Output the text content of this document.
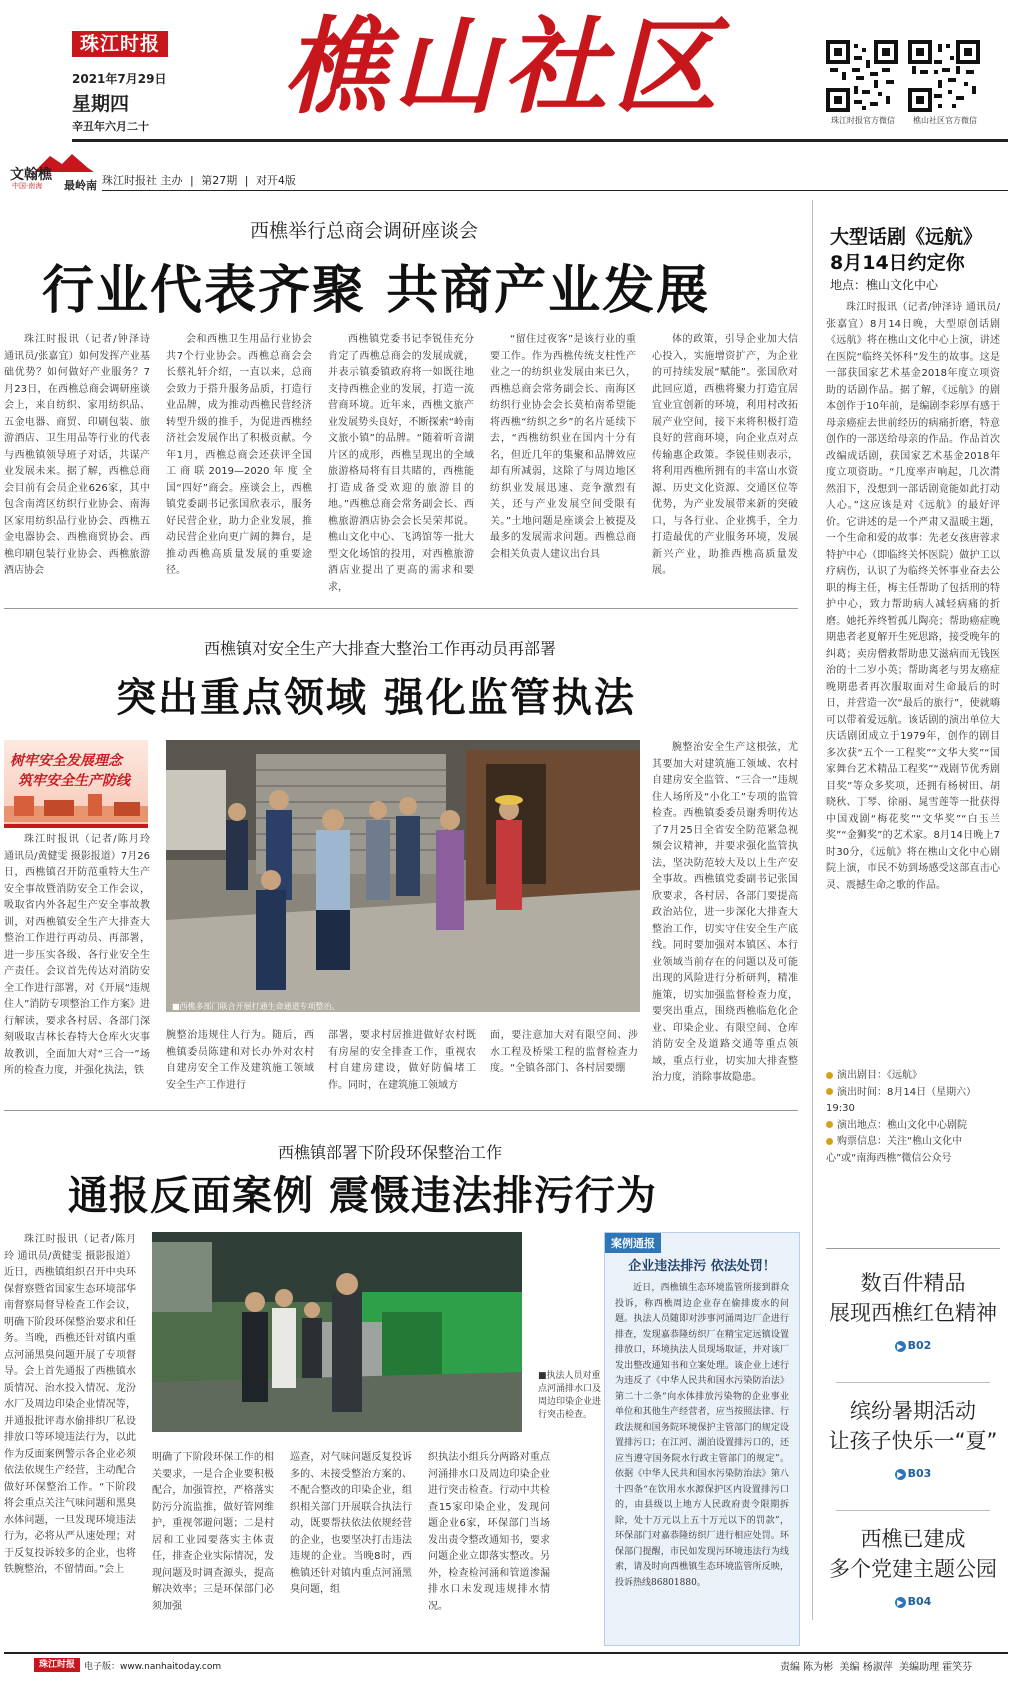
珠江时报
2021年7月29日
星期四
辛丑年六月二十 樵山社区	珠江时报官方微信	樵山社区官方微信
文翰樵
中国·南海 最岭南 珠江时报社 主办 | 第27期 | 对开4版
西樵举行总商会调研座谈会
行业代表齐聚 共商产业发展

珠江时报讯（记者/钟泽诗 通讯员/张嘉宜）如何发挥产业基础优势？如何做好产业服务？7月23日，在西樵总商会调研座谈会上，来自纺织、家用纺织品、五金电器、商贸、印刷包装、旅游酒店、卫生用品等行业的代表与西樵镇领导班子对话，共谋产业发展未来。据了解，西樵总商会目前有会员企业626家，其中包含南湾区纺织行业协会、南海区家用纺织品行业协会、西樵五金电器协会、西樵商贸协会、西樵印刷包装行业协会、西樵旅游酒店协会

会和西樵卫生用品行业协会共7个行业协会。西樵总商会会长蔡礼轩介绍，一直以来，总商会致力于搭升服务品质，打造行业品牌，成为推动西樵民营经济转型升级的推手，为促进西樵经济社会发展作出了积极贡献。今年1月，西樵总商会还获评全国工商联2019—2020年度全国“四好”商会。座谈会上，西樵镇党委副书记张国欣表示，服务好民营企业，助力企业发展，推动民营企业向更广阔的舞台，是推动西樵高质量发展的重要途径。

西樵镇党委书记李锐佳充分肯定了西樵总商会的发展成就，并表示镇委镇政府将一如既往地支持西樵企业的发展，打造一流营商环境。近年来，西樵文旅产业发展势头良好，不断探索“岭南文旅小镇”的品牌。“随着听音湖片区的成形，西樵呈现出的全域旅游格局将有目共睹的，西樵能打造成备受欢迎的旅游目的地。”西樵总商会常务副会长、西樵旅游酒店协会会长吴荣邦说。樵山文化中心、飞鸿馆等一批大型文化场馆的投用，对西樵旅游酒店业提出了更高的需求和要求，

“留住过夜客”是该行业的重要工作。作为西樵传统支柱性产业之一的纺织业发展由来已久，西樵总商会常务副会长、南海区纺织行业协会会长莫柏南希望能将西樵“纺织之乡”的名片延续下去，“西樵纺织业在国内十分有名，但近几年的集聚和品牌效应却有所减弱，这除了与周边地区纺织业发展迅速、竞争激烈有关，还与产业发展空间受限有关。”土地问题是座谈会上被提及最多的发展需求问题。西樵总商会相关负责人建议出台具

体的政策，引导企业加大信心投入，实施增资扩产，为企业的可持续发展“赋能”。张国欣对此回应道，西樵将聚力打造宜居宜业宜创新的环境，利用村改拓展产业空间，接下来将积极打造良好的营商环境，向企业点对点传输惠企政策。李锐佳则表示，将利用西樵所拥有的丰富山水资源、历史文化资源、交通区位等优势，为产业发展带来新的突破口，与各行业、企业携手，全力打造最优的产业服务环境，发展新兴产业，助推西樵高质量发展。

西樵镇对安全生产大排查大整治工作再动员再部署
突出重点领域 强化监管执法
树牢安全发展理念
筑牢安全生产防线

珠江时报讯（记者/陈月玲 通讯员/黄健雯 摄影报道）7月26日，西樵镇召开防范重特大生产安全事故暨消防安全工作会议，吸取省内外各起生产安全事故教训，对西樵镇安全生产大排查大整治工作进行再动员、再部署，进一步压实各级、各行业安全生产责任。会议首先传达对消防安全工作进行部署，对《开展“违规住人”消防专项整治工作方案》进行解读，要求各村居、各部门深刻吸取吉林长春特大仓库火灾事故教训，全面加大对“三合一”场所的检查力度，并强化执法，铁

■西樵多部门联合开展打通生命通道专项整治。

腕整治安全生产这根弦，尤其要加大对建筑施工领域、农村自建房安全监管、“三合一”违规住人场所及“小化工”专项的监管检查。西樵镇委委员谢秀明传达了7月25日全省安全防范紧急视频会议精神，并要求强化监管执法，坚决防范较大及以上生产安全事故。西樵镇党委副书记张国欣要求，各村居、各部门要提高政治站位，进一步深化大排查大整治工作，切实守住安全生产底线。同时要加强对本镇区、本行业领域当前存在的问题以及可能出现的风险进行分析研判，精准施策，切实加强监督检查力度，要突出重点，围绕西樵临危化企业、印染企业、有限空间、仓库消防安全及道路交通等重点领域，重点行业，切实加大排查整治力度，消除事故隐患。

腕整治违规住人行为。随后，西樵镇委员陈建和对长办外对农村自建房安全工作及建筑施工领域安全生产工作进行

部署，要求村居推进做好农村既有房屋的安全排查工作，重视农村自建房建设，做好防偏堵工作。同时，在建筑施工领域方

面，要注意加大对有限空间、涉水工程及桥梁工程的监督检查力度。“全镇各部门、各村居要绷

西樵镇部署下阶段环保整治工作
通报反面案例 震慑违法排污行为

珠江时报讯（记者/陈月玲 通讯员/黄健雯 摄影报道）近日，西樵镇组织召开中央环保督察暨省国家生态环境部华南督察局督导检查工作会议，明确下阶段环保整治要求和任务。当晚，西樵还针对镇内重点河涌黑臭问题开展了专项督导。会上首先通报了西樵镇水质情况、治水投入情况、龙汾水厂及周边印染企业情况等，并通报批评毒水偷排织厂私设排放口等环境违法行为，以此作为反面案例警示各企业必须依法依规生产经营，主动配合做好环保整治工作。“下阶段将会重点关注气味问题和黑臭水体问题，一旦发现环境违法行为，必将从严从速处理；对于反复投诉较多的企业，也将铁腕整治，不留情面。”会上

■执法人员对重点河涌排水口及周边印染企业进行突击检查。

明确了下阶段环保工作的相关要求，一是合企业要积极配合，加强管控，严格落实防污分流监推，做好管网维护，重视邻避问题；二是村居和工业园要落实主体责任，排查企业实际情况，发现问题及时调查源头，提高解决效率；三是环保部门必须加强

巡查，对气味问题反复投诉多的、未接受整治方案的、不配合整改的印染企业，组织相关部门开展联合执法行动，既要帮扶依法依规经营的企业，也要坚决打击违法违规的企业。当晚8时，西樵镇还针对镇内重点河涌黑臭问题，组

织执法小组兵分两路对重点河涌排水口及周边印染企业进行突击检查。行动中共检查15家印染企业，发现问题企业6家，环保部门当场发出责令整改通知书，要求问题企业立即落实整改。另外，检查检河涌和管道渗漏排水口未发现违规排水情况。

案例通报
企业违法排污 依法处罚！

近日，西樵镇生态环境监管所接到群众投诉，称西樵周边企业存在偷排废水的问题。执法人员随即对涉事河涌周边厂企进行排查，发现嘉恭隆纺织厂在精宝定远镇设置排放口，环境执法人员现场取证，并对该厂发出整改通知书和立案处理。该企业上述行为违反了《中华人民共和国水污染防治法》第二十二条“向水体排放污染物的企业事业单位和其他生产经营者，应当按照法律、行政法规和国务院环境保护主管部门的规定设置排污口；在江河、湖泊设置排污口的，还应当遵守国务院水行政主管部门的规定”。依据《中华人民共和国水污染防治法》第八十四条“在饮用水水源保护区内设置排污口的，由县级以上地方人民政府责令限期拆除，处十万元以上五十万元以下的罚款”，环保部门对嘉恭隆纺织厂进行相应处罚。环保部门提醒，市民如发现污环境违法行为线索，请及时向西樵镇生态环境监管所反映，投诉热线86801880。

大型话剧《远航》
8月14日约定你
地点：樵山文化中心

珠江时报讯（记者/钟泽诗 通讯员/张嘉宜）8月14日晚，大型原创话剧《远航》将在樵山文化中心上演，讲述在医院“临终关怀科”发生的故事。这是一部获国家艺术基金2018年度立项资助的话剧作品。据了解，《远航》的剧本创作于10年前，是编剧李彩厚有感于母亲癌症去世前经历的病痛折磨，特意创作的一部送给母亲的作品。作品首次改编成话剧，获国家艺术基金2018年度立项资助。“几度率声响起，几次潸然泪下，没想到一部话剧竟能如此打动人心。”这应该是对《远航》的最好评价。它讲述的是一个严肃又温暖主题，一个生命和爱的故事：先老女孩唐蓉求特护中心（即临终关怀医院）做护工以疗病伤，认识了为临终关怀事业奋去公职的梅主任，梅主任帮助了包括刑的特护中心，致力帮助病人减轻病痛的折磨。她托养终暂孤儿陶亮；帮助癌症晚期患者老夏解开生死思路，接受晚年的纠葛；卖房僧救帮助患艾滋病而无钱医治的十二岁小英；帮助离老与男友癌症晚期患者再次服取面对生命最后的时日，并营造一次“最后的旅行”，使就嗨可以带着爱远航。该话剧的演出单位大庆话剧团成立于1979年，创作的剧目多次获“五个一工程奖”“文华大奖”“国家舞台艺术精品工程奖”“戏剧节优秀剧目奖”等众多奖项，还拥有杨树田、胡晓秋、丁琴、徐丽、晁雪莲等一批获得中国戏剧“梅花奖”“文华奖”“白玉兰奖”“金狮奖”的艺术家。8月14日晚上7时30分，《远航》将在樵山文化中心剧院上演，市民不妨到场感受这部直击心灵、震撼生命之歌的作品。

演出剧目：《远航》
演出时间：8月14日（星期六）19:30
演出地点：樵山文化中心剧院
购票信息：关注“樵山文化中心”或“南海西樵”微信公众号
数百件精品
展现西樵红色精神
▶ B02
缤纷暑期活动
让孩子快乐一“夏”
▶ B03
西樵已建成
多个党建主题公园
▶ B04
珠江时报	电子版：www.nanhaitoday.com	责编 陈为彬  美编 杨淑萍  美编助理 霍笑芬
